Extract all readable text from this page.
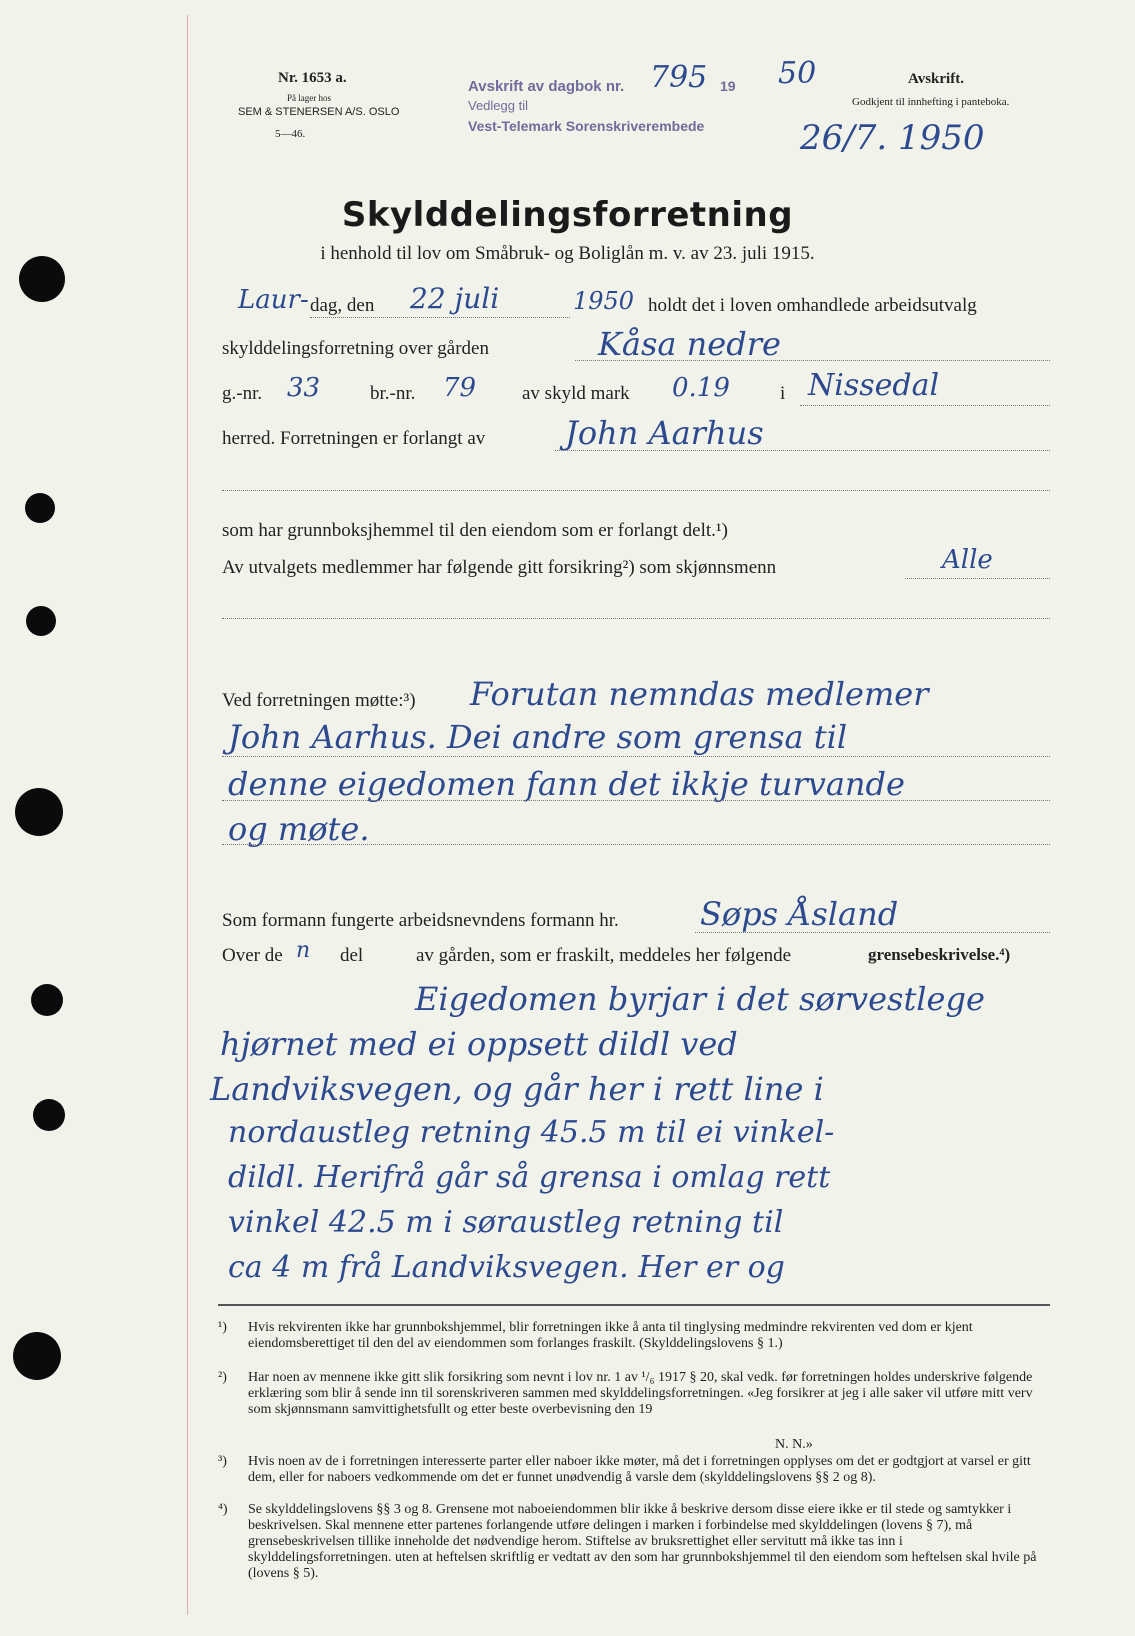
Nr. 1653 a.
På lager hos
SEM & STENERSEN A/S. OSLO
5—46.
Avskrift av dagbok nr. 795 19 50
Vedlegg til
Vest-Telemark Sorenskriverembede	26/7. 1950
Avskrift.
Godkjent til innhefting i panteboka.
Skylddelingsforretning
i henhold til lov om Småbruk- og Boliglån m. v. av 23. juli 1915.
Laur- dag, den 22 juli	1950 holdt det i loven omhandlede arbeidsutvalg
skylddelingsforretning over gården	Kåsa nedre
g.-nr. 33	br.-nr. 79 av skyld mark 0.19	i Nissedal
herred. Forretningen er forlangt av John Aarhus
som har grunnboksjhemmel til den eiendom som er forlangt delt.¹)
Av utvalgets medlemmer har følgende gitt forsikring²) som skjønnsmenn	Alle
Ved forretningen møtte:³) Forutan nemndas medlemer
John Aarhus. Dei andre som grensa til
denne eigedomen fann det ikkje turvande
og møte.
Som formann fungerte arbeidsnevndens formann hr.	Søps Åsland
Over de n del	av gården, som er fraskilt, meddeles her følgende	grensebeskrivelse.⁴)
Eigedomen byrjar i det sørvestlege
hjørnet med ei oppsett dildl ved
Landviksvegen, og går her i rett line i
nordaustleg retning 45.5 m til ei vinkel-
dildl. Herifrå går så grensa i omlag rett
vinkel 42.5 m i søraustleg retning til
ca 4 m frå Landviksvegen. Her er og
¹) Hvis rekvirenten ikke har grunnbokshjemmel, blir forretningen ikke å anta til tinglysing medmindre rekvirenten ved dom er kjent eiendomsberettiget til den del av eiendommen som forlanges fraskilt. (Skylddelingslovens § 1.)
²) Har noen av mennene ikke gitt slik forsikring som nevnt i lov nr. 1 av ¹/₆ 1917 § 20, skal vedk. før forretningen holdes underskrive følgende erklæring som blir å sende inn til sorenskriveren sammen med skylddelingsforretningen. «Jeg forsikrer at jeg i alle saker vil utføre mitt verv som skjønnsmann samvittighetsfullt og etter beste overbevisning den 19
N. N.»
³) Hvis noen av de i forretningen interesserte parter eller naboer ikke møter, må det i forretningen opplyses om det er godtgjort at varsel er gitt dem, eller for naboers vedkommende om det er funnet unødvendig å varsle dem (skylddelingslovens §§ 2 og 8).
⁴) Se skylddelingslovens §§ 3 og 8. Grensene mot naboeiendommen blir ikke å beskrive dersom disse eiere ikke er til stede og samtykker i beskrivelsen. Skal mennene etter partenes forlangende utføre delingen i marken i forbindelse med skylddelingen (lovens § 7), må grensebeskrivelsen tillike inneholde det nødvendige herom. Stiftelse av bruksrettighet eller servitutt må ikke tas inn i skylddelingsforretningen. uten at heftelsen skriftlig er vedtatt av den som har grunnbokshjemmel til den eiendom som heftelsen skal hvile på (lovens § 5).
